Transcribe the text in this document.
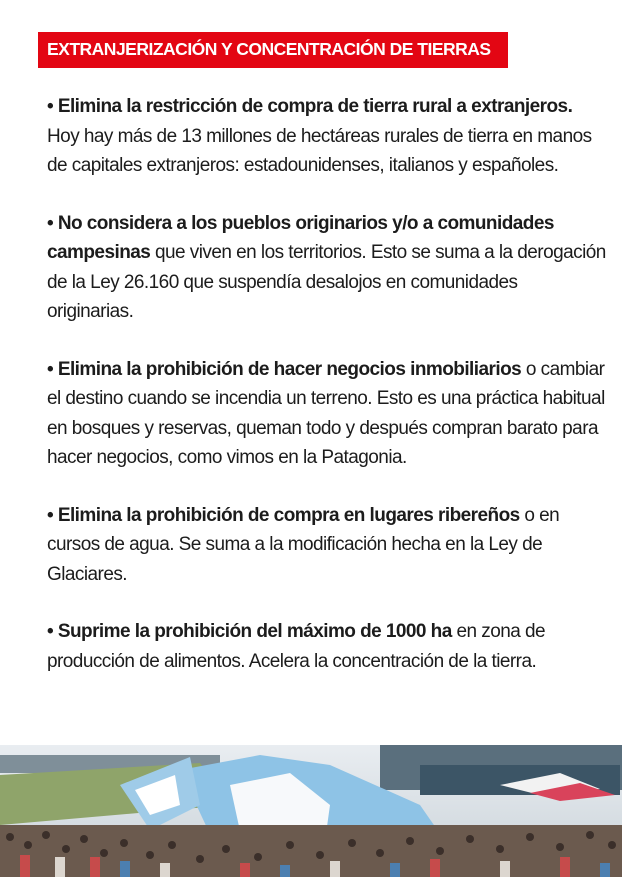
EXTRANJERIZACIÓN Y CONCENTRACIÓN DE TIERRAS

• Elimina la restricción de compra de tierra rural a extranjeros. Hoy hay más de 13 millones de hectáreas rurales de tierra en manos de capitales extranjeros: estadounidenses, italianos y españoles.

• No considera a los pueblos originarios y/o a comunidades campesinas que viven en los territorios. Esto se suma a la derogación de la Ley 26.160 que suspendía desalojos en comunidades originarias.

• Elimina la prohibición de hacer negocios inmobiliarios o cambiar el destino cuando se incendia un terreno. Esto es una práctica habitual en bosques y reservas, queman todo y después compran barato para hacer negocios, como vimos en la Patagonia.

• Elimina la prohibición de compra en lugares ribereños o en cursos de agua. Se suma a la modificación hecha en la Ley de Glaciares.

• Suprime la prohibición del máximo de 1000 ha en zona de producción de alimentos. Acelera la concentración de la tierra.
